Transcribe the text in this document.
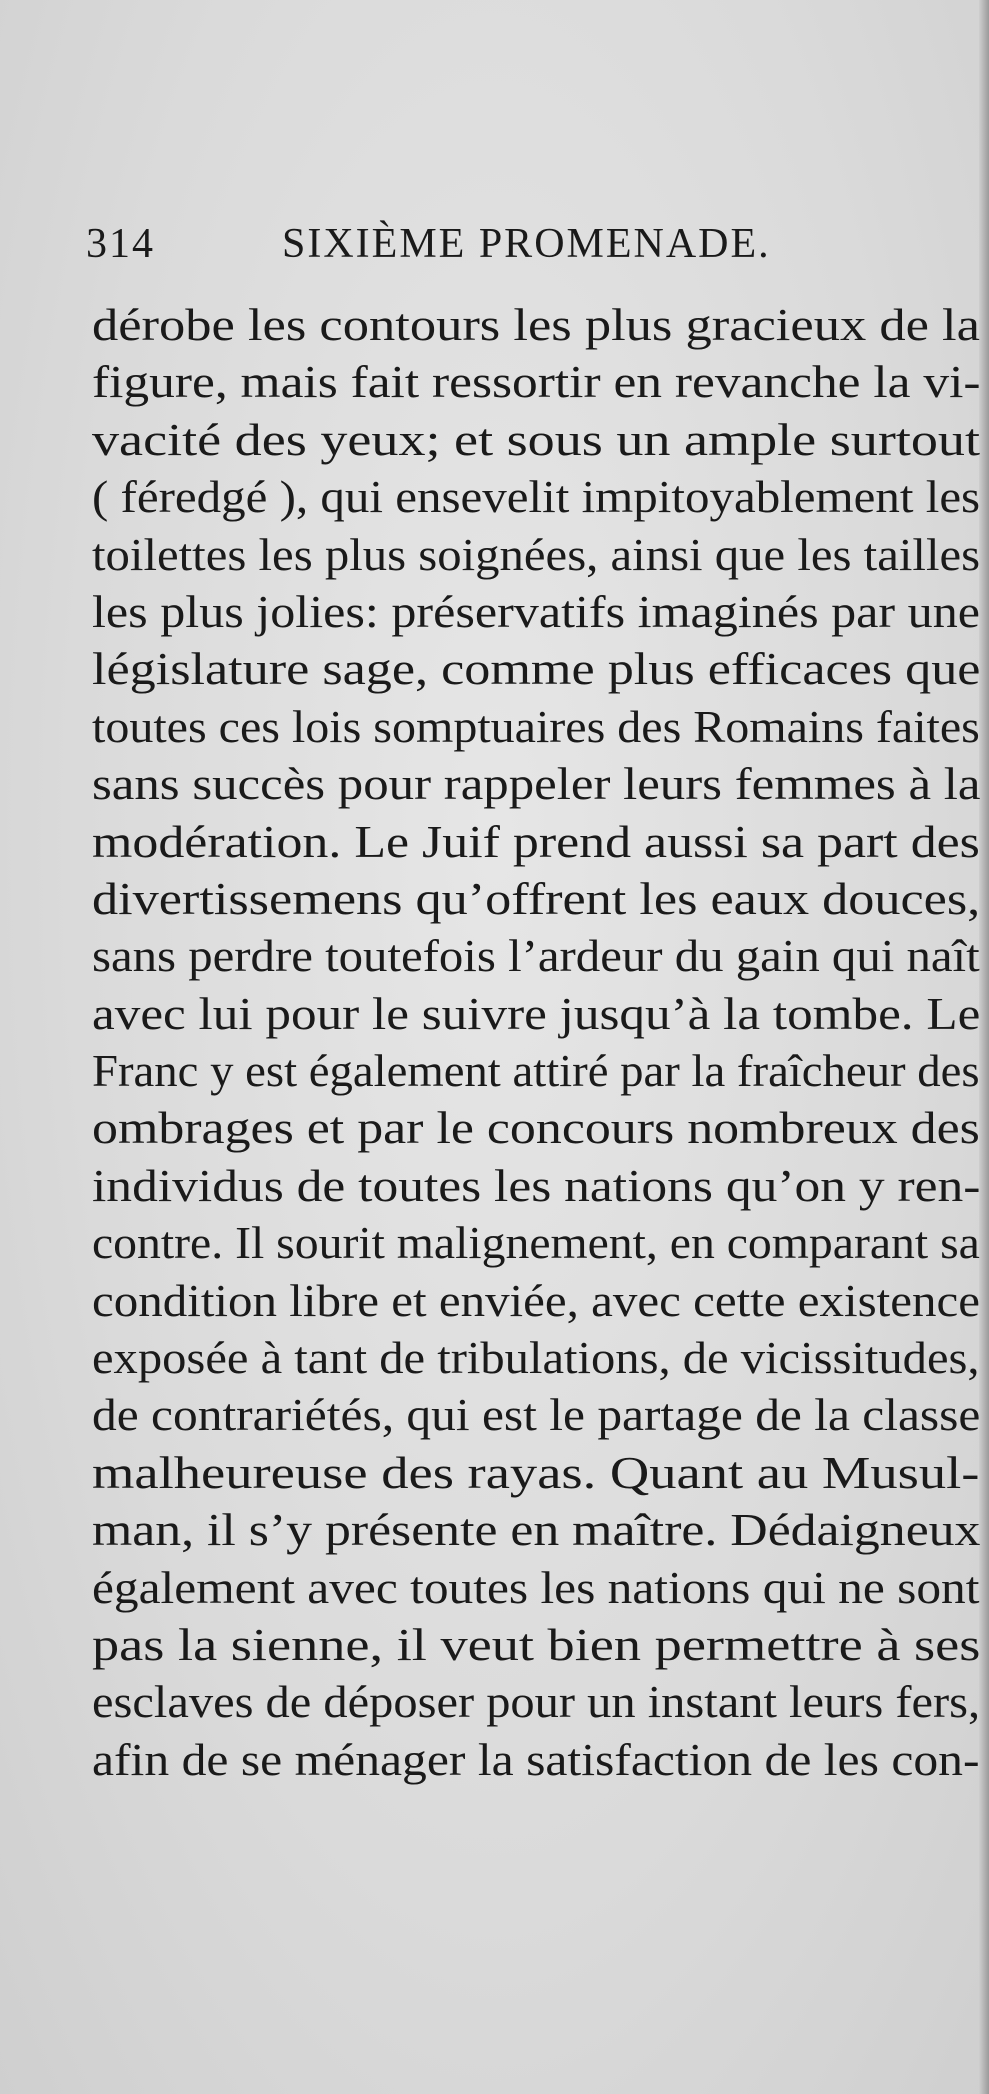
314	SIXIÈME PROMENADE.
dérobe les contours les plus gracieux de la
figure, mais fait ressortir en revanche la vi-
vacité des yeux; et sous un ample surtout
( féredgé ), qui ensevelit impitoyablement les
toilettes les plus soignées, ainsi que les tailles
les plus jolies: préservatifs imaginés par une
législature sage, comme plus efficaces que
toutes ces lois somptuaires des Romains faites
sans succès pour rappeler leurs femmes à la
modération. Le Juif prend aussi sa part des
divertissemens qu’offrent les eaux douces,
sans perdre toutefois l’ardeur du gain qui naît
avec lui pour le suivre jusqu’à la tombe. Le
Franc y est également attiré par la fraîcheur des
ombrages et par le concours nombreux des
individus de toutes les nations qu’on y ren-
contre. Il sourit malignement, en comparant sa
condition libre et enviée, avec cette existence
exposée à tant de tribulations, de vicissitudes,
de contrariétés, qui est le partage de la classe
malheureuse des rayas. Quant au Musul-
man, il s’y présente en maître. Dédaigneux
également avec toutes les nations qui ne sont
pas la sienne, il veut bien permettre à ses
esclaves de déposer pour un instant leurs fers,
afin de se ménager la satisfaction de les con-
